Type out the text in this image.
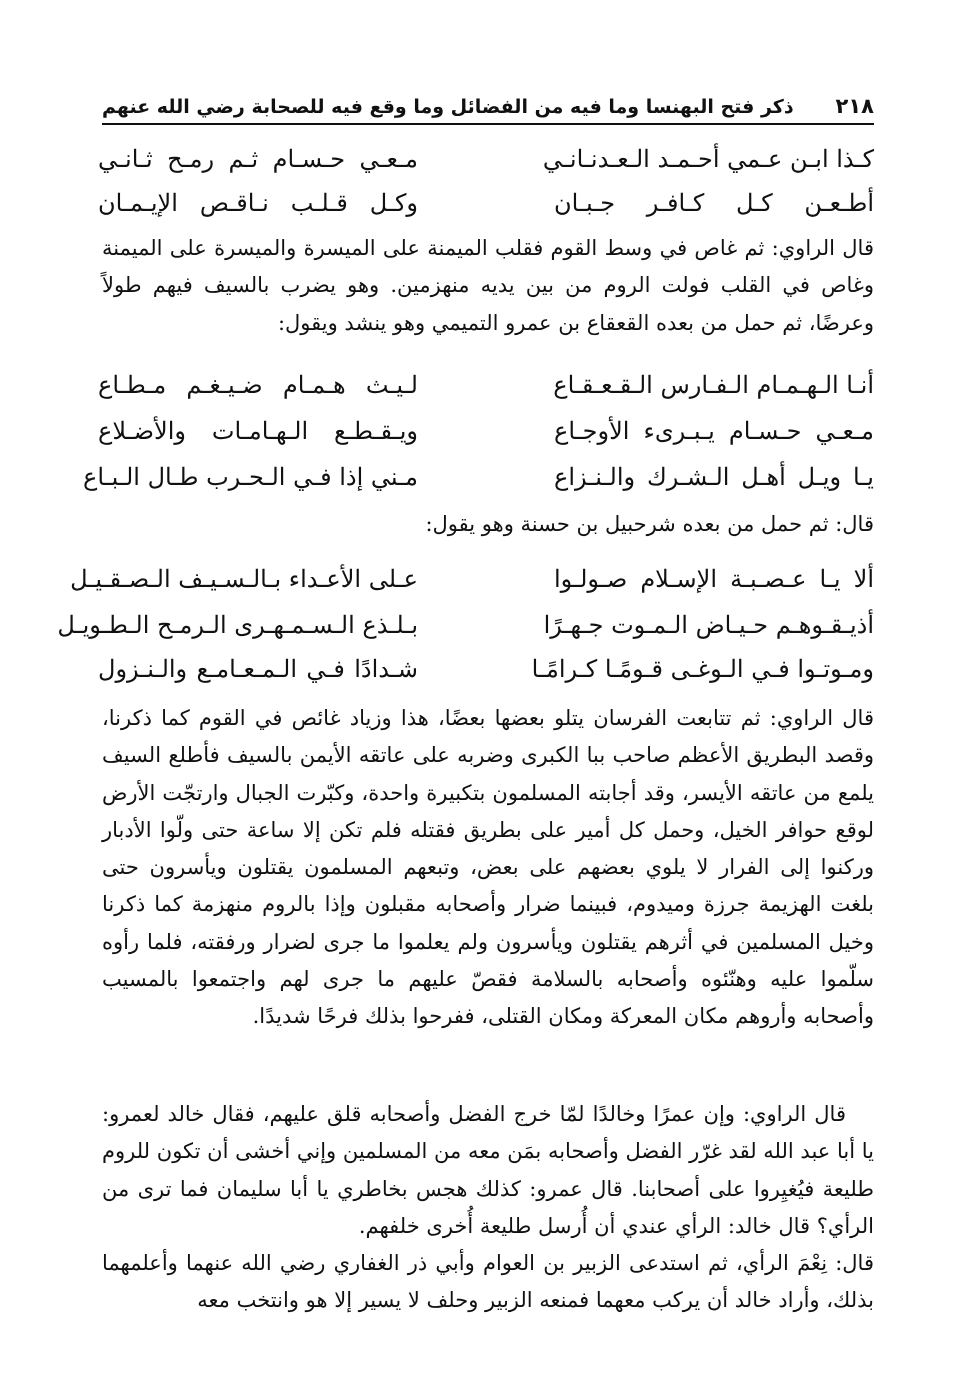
٢١٨
ذكر فتح البهنسا وما فيه من الفضائل وما وقع فيه للصحابة رضي الله عنهم
كـذا ابـن عـمي أحـمـد الـعـدنـانـي
مـعـي حـسـام ثـم رمـح ثـانـي
أطـعـن كـل كـافـر جـبـان
وكـل قـلـب نـاقـص الإيـمـان

قال الراوي: ثم غاص في وسط القوم فقلب الميمنة على الميسرة والميسرة على الميمنة وغاص في القلب فولت الروم من بين يديه منهزمين. وهو يضرب بالسيف فيهم طولاً وعرضًا، ثم حمل من بعده القعقاع بن عمرو التميمي وهو ينشد ويقول:

أنـا الـهـمـام الـفـارس الـقـعـقـاع
لـيـث هـمـام ضـيـغـم مـطـاع
مـعـي حـسـام يـبـرىء الأوجـاع
ويـقـطـع الـهـامـات والأضـلاع
يـا ويـل أهـل الـشـرك والـنـزاع
مـني إذا فـي الـحـرب طـال الـبـاع
قال: ثم حمل من بعده شرحبيل بن حسنة وهو يقول:
ألا يـا عـصـبـة الإسـلام صـولـوا
عـلى الأعـداء بـالـسـيـف الـصـقـيـل
أذيـقـوهـم حـيـاض الـمـوت جـهـرًا
بـلـذع الـسـمـهـرى الـرمـح الـطـويـل
ومـوتـوا فـي الـوغـى قـومًـا كـرامًـا
شـدادًا فـي الـمـعـامـع والـنـزول

قال الراوي: ثم تتابعت الفرسان يتلو بعضها بعضًا، هذا وزياد غائص في القوم كما ذكرنا، وقصد البطريق الأعظم صاحب ببا الكبرى وضربه على عاتقه الأيمن بالسيف فأطلع السيف يلمع من عاتقه الأيسر، وقد أجابته المسلمون بتكبيرة واحدة، وكبّرت الجبال وارتجّت الأرض لوقع حوافر الخيل، وحمل كل أمير على بطريق فقتله فلم تكن إلا ساعة حتى ولّوا الأدبار وركنوا إلى الفرار لا يلوي بعضهم على بعض، وتبعهم المسلمون يقتلون ويأسرون حتى بلغت الهزيمة جرزة وميدوم، فبينما ضرار وأصحابه مقبلون وإذا بالروم منهزمة كما ذكرنا وخيل المسلمين في أثرهم يقتلون ويأسرون ولم يعلموا ما جرى لضرار ورفقته، فلما رأوه سلّموا عليه وهنّئوه وأصحابه بالسلامة فقصّ عليهم ما جرى لهم واجتمعوا بالمسيب وأصحابه وأروهم مكان المعركة ومكان القتلى، ففرحوا بذلك فرحًا شديدًا.

قال الراوي: وإن عمرًا وخالدًا لمّا خرج الفضل وأصحابه قلق عليهم، فقال خالد لعمرو: يا أبا عبد الله لقد غرّر الفضل وأصحابه بمَن معه من المسلمين وإني أخشى أن تكون للروم طليعة فيُغيِروا على أصحابنا. قال عمرو: كذلك هجس بخاطري يا أبا سليمان فما ترى من الرأي؟ قال خالد: الرأي عندي أن أُرسل طليعة أُخرى خلفهم.

قال: نِعْمَ الرأي، ثم استدعى الزبير بن العوام وأبي ذر الغفاري رضي الله عنهما وأعلمهما بذلك، وأراد خالد أن يركب معهما فمنعه الزبير وحلف لا يسير إلا هو وانتخب معه
